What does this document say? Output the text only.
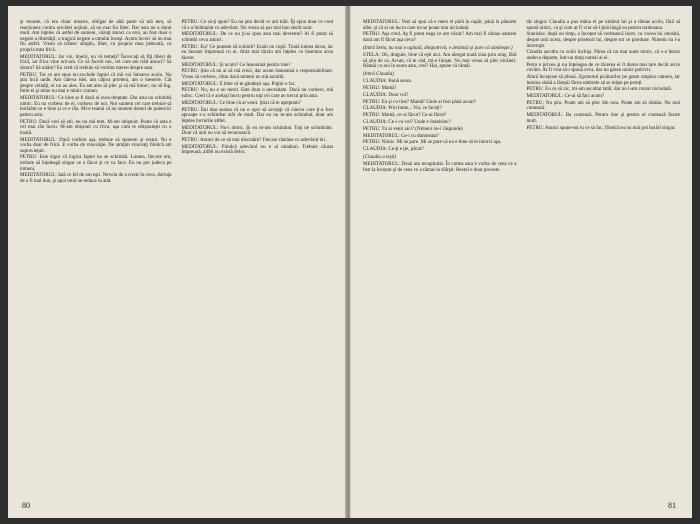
şi moarte, că era chiar moarte, obligat de altă parte să mă tem, să reacţionez contra oricărei acţiuni, să nu mai fiu liber. Dar asta nu a durat mult. Am înţeles că astfel de oameni, văzuţi atunci ca eroi, au fost doar o negare a libertăţii, o tragică negare a omului însuşi. Acum încerc să nu mai fiu astfel. Vreau să trăiesc simplu, liber, cu propria mea judecată, cu propria mea frică.

MEDITATORUL: Iar voi, tinerii, nu vă temeţi? Încercaţi să fiţi liberi de frică, iar frica vine oricum. Ce să facem noi, cei care am trăit atunci? Să tăcem? Să uităm? Eu cred că trebuie să vorbim mereu despre asta.

PETRU: Tot ce am spus nu exclude faptul că mă voi întoarce acolo. Nu ştiu încă unde. Am câteva idei, am câţiva prieteni, am o meserie. Cât despre ceilalţi, ei nu au ales. Eu am ales să plec şi să mă întorc, nu să fug. Între ei şi mine nu mai e nimic comun.

MEDITATORUL: Ce bine ar fi dacă ai avea dreptate. Dar asta nu schimbă nimic. Eu nu vorbesc de ei, vorbesc de noi. Noi suntem cei care trebuie să hotărâm ce e bine şi ce e rău. Mi-e teamă că nu suntem destul de puternici pentru asta.

PETRU: Dacă vrei să ştii, eu nu mă tem. M-am obişnuit. Poate că asta e cel mai rău lucru. M-am obişnuit cu frica, aşa cum te obişnuieşti cu o boală.

MEDITATORUL: Dacă vorbim aşa, trebuie să spunem şi restul. Nu e vorba doar de frică. E vorba de vinovăţie. Ne simţim vinovaţi fiindcă am supravieţuit.

PETRU: Este sigur că logica faptei nu se schimbă. Lumea, fiecare om, trebuie să înţeleagă singur ce a făcut şi ce va face. Eu nu pot judeca pe nimeni.

MEDITATORUL: Iată ce fel de om eşti. Nevoia de a crede în ceva, dorinţa de a fi mai bun, şi apoi totul se reduce la atât.

PETRU: Ce să-ţi spun? Eu nu ştiu decât ce am trăit. Îţi spun doar ce cred că s-a întâmplat cu adevărat. Nu vreau să par mai bun decât sunt.

MEDITATORUL: De ce nu ţi-ai spus asta mai devreme? Ai fi putut să schimbi ceva atunci.

PETRU: Eu? Ce puteam să schimb? Eram un copil. Toată lumea tăcea, iar eu tăceam împreună cu ei. Abia mai târziu am înţeles ce însemna acea tăcere.

MEDITATORUL: Şi acum? Ce înseamnă pentru tine?

PETRU: Ştiu că nu ai să mă crezi, dar acum înseamnă o responsabilitate. Vreau să vorbesc, chiar dacă nimeni nu mă ascultă.

MEDITATORUL: E bine că te gândeşti aşa. Puţini o fac.

PETRU: Nu, nu e un merit. Este doar o necesitate. Dacă nu vorbesc, mă sufoc. Cred că e acelaşi lucru pentru toţi cei care au trecut prin asta.

MEDITATORUL: Ce bine că ai venit. Ştiai că te aşteptam?

PETRU: Îmi dau seama că nu e uşor să accepţi că cineva care ţi-a fost aproape s-a schimbat atât de mult. Dar eu nu m-am schimbat, doar am înţeles lucrurile altfel.

MEDITATORUL: Nu-i nimic. Şi eu m-am schimbat. Toţi ne schimbăm. Doar că unii nu vor să recunoască.

PETRU: Atunci de ce să mai discutăm? Fiecare rămâne cu adevărul lui.

MEDITATORUL: Fiindcă adevărul nu e al nimănui. Trebuie căutat împreună, altfel nu există deloc.

80

MEDITATORUL: Vezi să spui că e mers el pâră la capăt, până la pânzele albe, şi că ai un lucru care nu se poate uita niciodată.

PETRU: Aşa cred. Aş fi putut nega ce am văzut? Am mai fi rămas oameni dacă am fi făcut aşa ceva?

(Intră Stela, nu mai e agitată, dimpotrivă, e destinsă şi pare că zâmbeşte.)

STELA: Oh, dragule, bine că eşti aici. Am alergat toată ziua prin oraş, fără să ştiu de ce. Acum, că te văd, mi-e linişte. Nu mai vreau să plec nicăieri. Rămâi cu noi în seara asta, vrei? Hai, spune că rămâi.

(Intră Claudia)

CLAUDIA: Bună seara.

PETRU: Mamă!

CLAUDIA: Doar voi?

PETRU: Eu şi cu tine? Mamă! Unde ai fost până acum?

CLAUDIA: Prin lume... Voi, ce faceţi?

PETRU: Mamă, ce-ai făcut? Ce-ai făcut?

CLAUDIA: Ce-i cu voi? Unde e Stanislav?

PETRU: Tu ai venit aici? (Nimeni nu-i răspunde)

MEDITATORUL: Ce-i cu dumneata?

PETRU: Nimic. Mi se pare. Mi se pare că nu e bine să te întorci aşa.

CLAUDIA: Ce-ţi e ţie, păcat?

(Claudia a ieşit)

MEDITATORUL: Două am recapitulat. În cartea asta e vorba de ceea ce a fost la început şi de ceea ce a rămas la sfârşit. Restul e doar poveste.

rât singur. Claudia a pus mâna el pe umărul lui şi a rămas acolo, fără să spună nimic, ca şi cum ar fi vrut să-l ţină lângă ea pentru totdeauna.

Stanislav, după un timp, a început să vorbească încet, cu vocea lui obosită, despre anii aceia, despre prietenii lui, despre tot ce pierduse. Nimeni nu l-a întrerupt.

Claudia asculta cu ochii închişi. Părea că nu mai aude nimic, că s-a întors undeva departe, într-un timp numai al ei.

Petru o privea şi nu înţelegea de ce tăcerea ei îl durea mai tare decât orice cuvânt. Ar fi vrut să-i spună ceva, dar nu găsea nimic potrivit.

Afară începuse să plouă. Zgomotul picăturilor pe geam umplea camera, iar lumina slabă a lămpii făcea umbrele să se mişte pe pereţi.

PETRU: Eu ce să zic, mi-am ascultat tatăl, dar nu l-am crezut niciodată.

MEDITATORUL: Ce-ai să faci acum?

PETRU: Nu ştiu. Poate am să plec din nou. Poate am să rămân. Nu mai contează.

MEDITATORUL: Ba contează. Pentru tine şi pentru ei contează foarte mult.

PETRU: Atunci spune-mi tu ce să fac, fiindcă eu nu mai pot hotărî singur.

81
